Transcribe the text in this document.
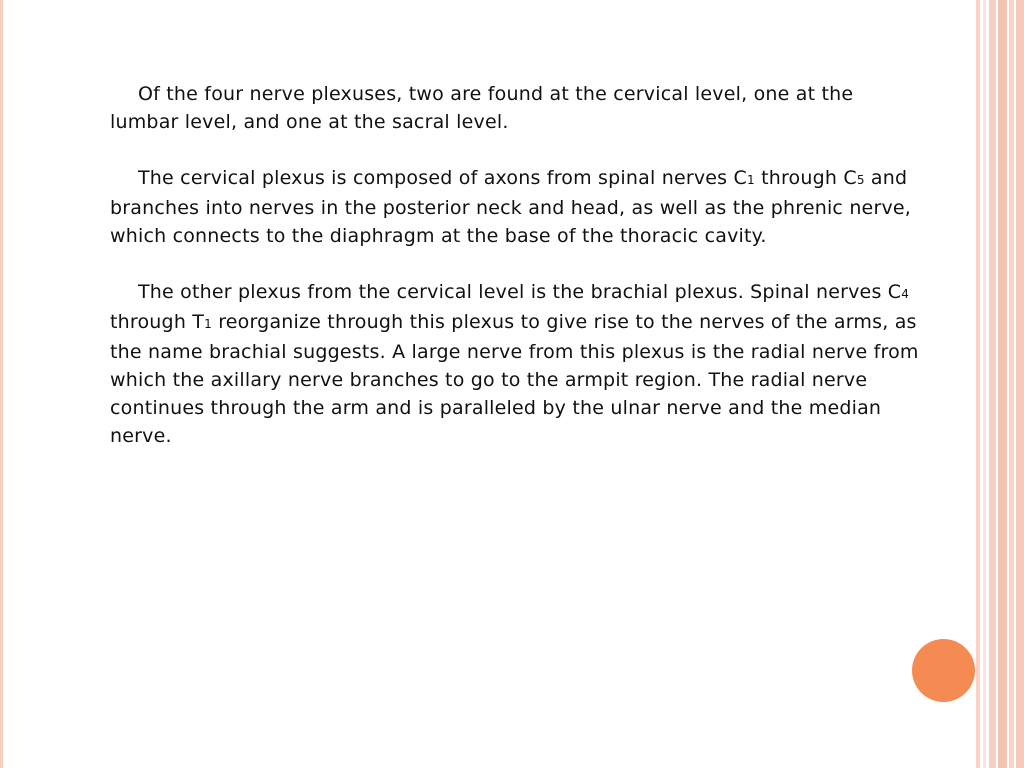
Of the four nerve plexuses, two are found at the cervical level, one at the lumbar level, and one at the sacral level.

The cervical plexus is composed of axons from spinal nerves C1 through C5 and branches into nerves in the posterior neck and head, as well as the phrenic nerve, which connects to the diaphragm at the base of the thoracic cavity.

The other plexus from the cervical level is the brachial plexus. Spinal nerves C4 through T1 reorganize through this plexus to give rise to the nerves of the arms, as the name brachial suggests. A large nerve from this plexus is the radial nerve from which the axillary nerve branches to go to the armpit region. The radial nerve continues through the arm and is paralleled by the ulnar nerve and the median nerve.
